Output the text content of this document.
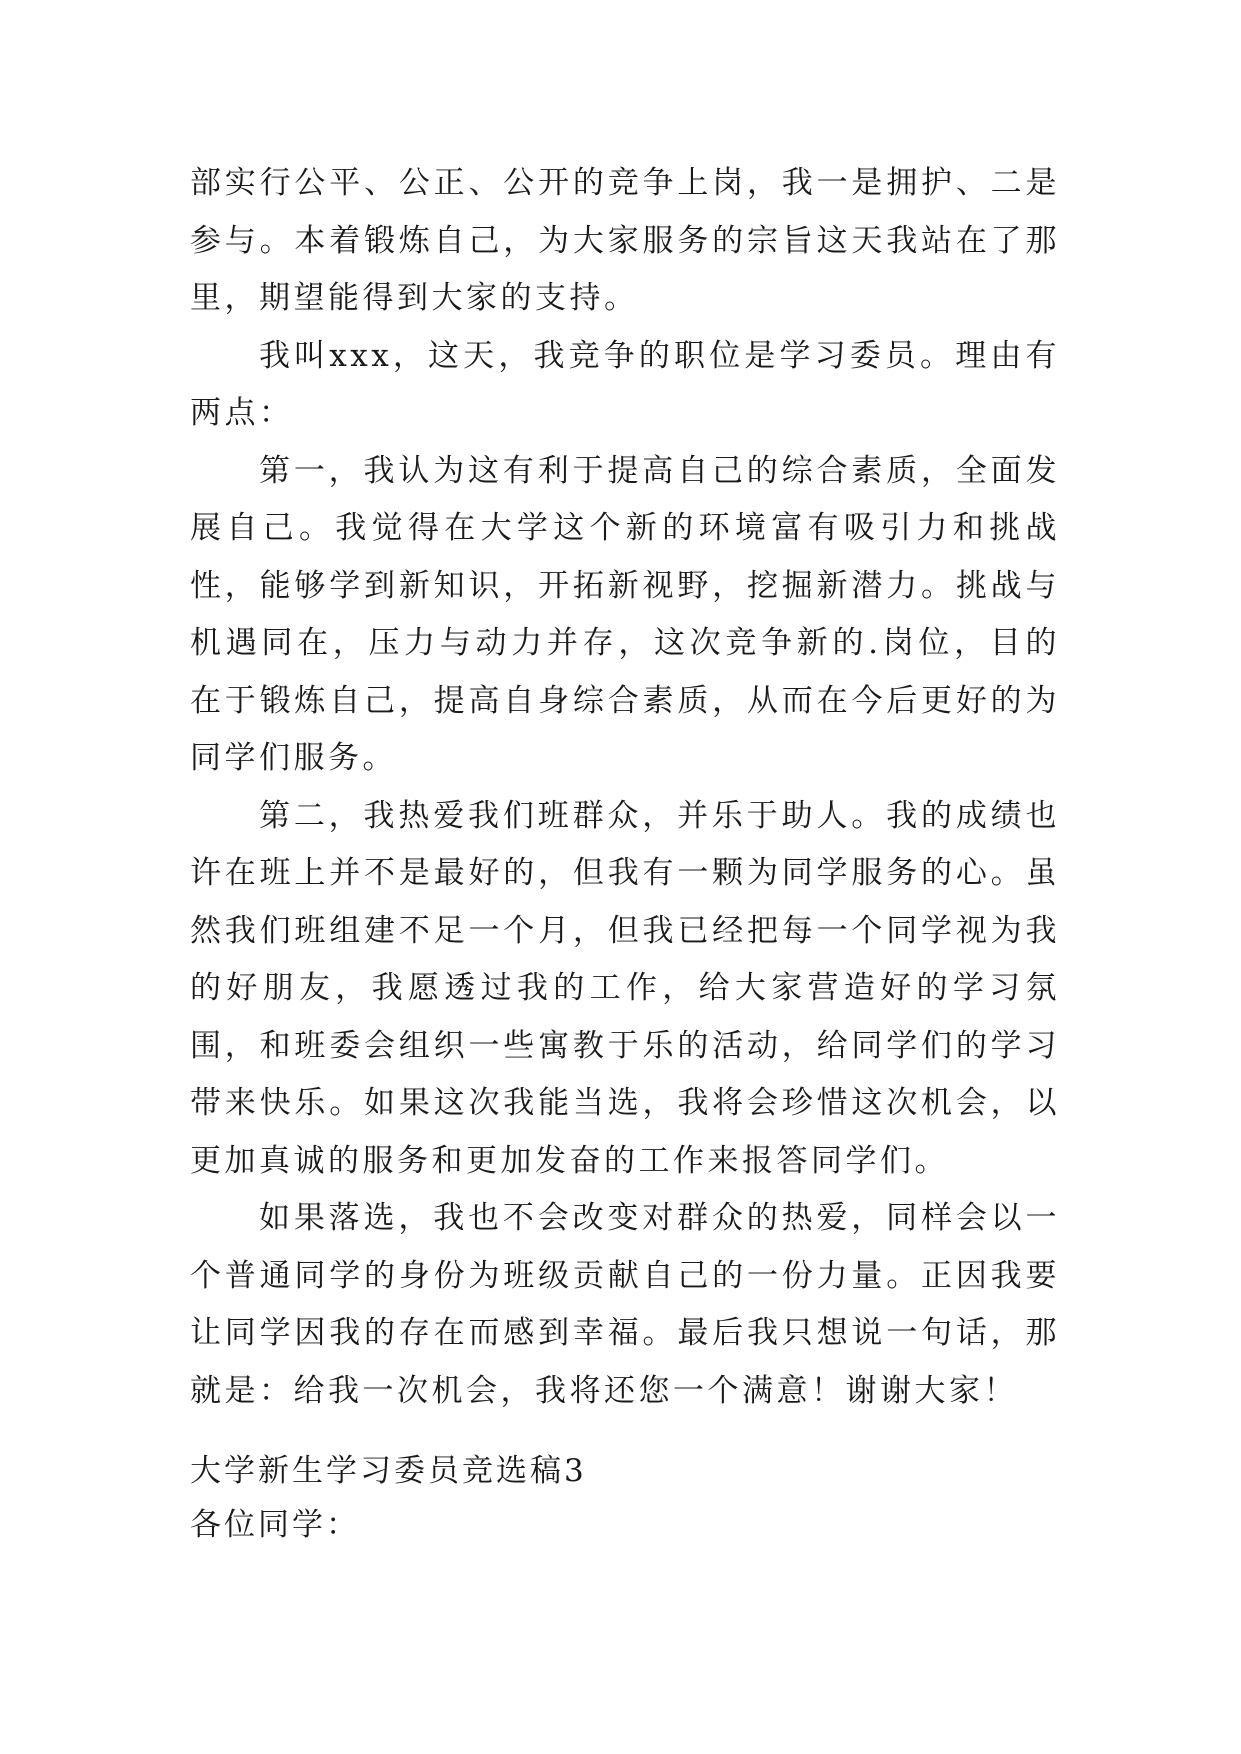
部实行公平、公正、公开的竞争上岗，我一是拥护、二是参与。本着锻炼自己，为大家服务的宗旨这天我站在了那里，期望能得到大家的支持。

我叫xxx，这天，我竞争的职位是学习委员。理由有两点：

第一，我认为这有利于提高自己的综合素质，全面发展自己。我觉得在大学这个新的环境富有吸引力和挑战性，能够学到新知识，开拓新视野，挖掘新潜力。挑战与机遇同在，压力与动力并存，这次竞争新的.岗位，目的在于锻炼自己，提高自身综合素质，从而在今后更好的为同学们服务。

第二，我热爱我们班群众，并乐于助人。我的成绩也许在班上并不是最好的，但我有一颗为同学服务的心。虽然我们班组建不足一个月，但我已经把每一个同学视为我的好朋友，我愿透过我的工作，给大家营造好的学习氛围，和班委会组织一些寓教于乐的活动，给同学们的学习带来快乐。如果这次我能当选，我将会珍惜这次机会，以更加真诚的服务和更加发奋的工作来报答同学们。

如果落选，我也不会改变对群众的热爱，同样会以一个普通同学的身份为班级贡献自己的一份力量。正因我要让同学因我的存在而感到幸福。最后我只想说一句话，那就是：给我一次机会，我将还您一个满意！谢谢大家！

大学新生学习委员竞选稿3

各位同学：
